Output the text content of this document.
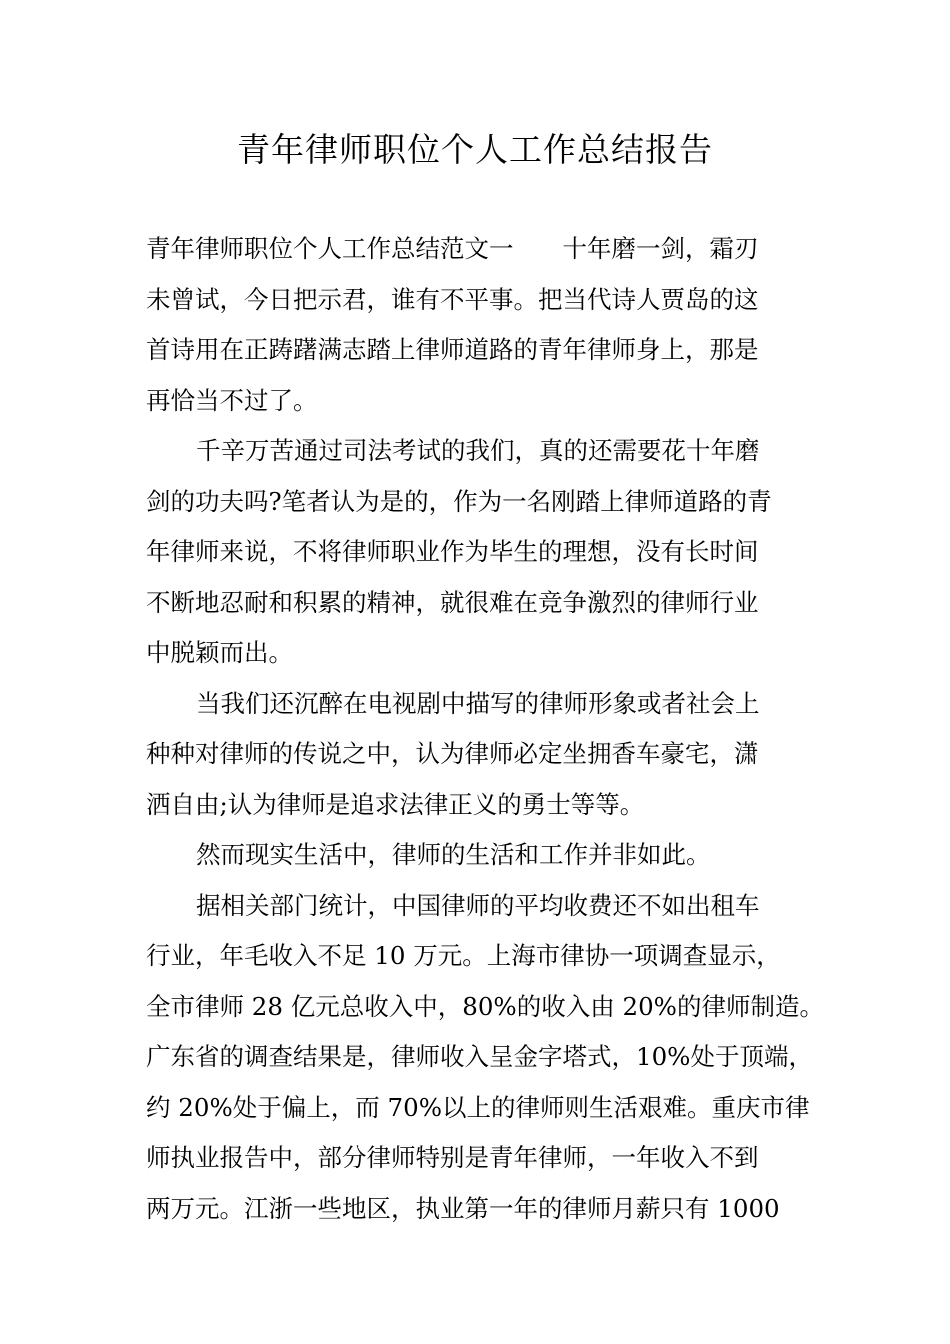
青年律师职位个人工作总结报告
青年律师职位个人工作总结范文一　　十年磨一剑，霜刃
未曾试，今日把示君，谁有不平事。把当代诗人贾岛的这
首诗用在正踌躇满志踏上律师道路的青年律师身上，那是
再恰当不过了。
千辛万苦通过司法考试的我们，真的还需要花十年磨
剑的功夫吗?笔者认为是的，作为一名刚踏上律师道路的青
年律师来说，不将律师职业作为毕生的理想，没有长时间
不断地忍耐和积累的精神，就很难在竞争激烈的律师行业
中脱颖而出。
当我们还沉醉在电视剧中描写的律师形象或者社会上
种种对律师的传说之中，认为律师必定坐拥香车豪宅，潇
洒自由;认为律师是追求法律正义的勇士等等。
然而现实生活中，律师的生活和工作并非如此。
据相关部门统计，中国律师的平均收费还不如出租车
行业，年毛收入不足 10 万元。上海市律协一项调查显示，
全市律师 28 亿元总收入中，80%的收入由 20%的律师制造。
广东省的调查结果是，律师收入呈金字塔式，10%处于顶端，
约 20%处于偏上，而 70%以上的律师则生活艰难。重庆市律
师执业报告中，部分律师特别是青年律师，一年收入不到
两万元。江浙一些地区，执业第一年的律师月薪只有 1000
